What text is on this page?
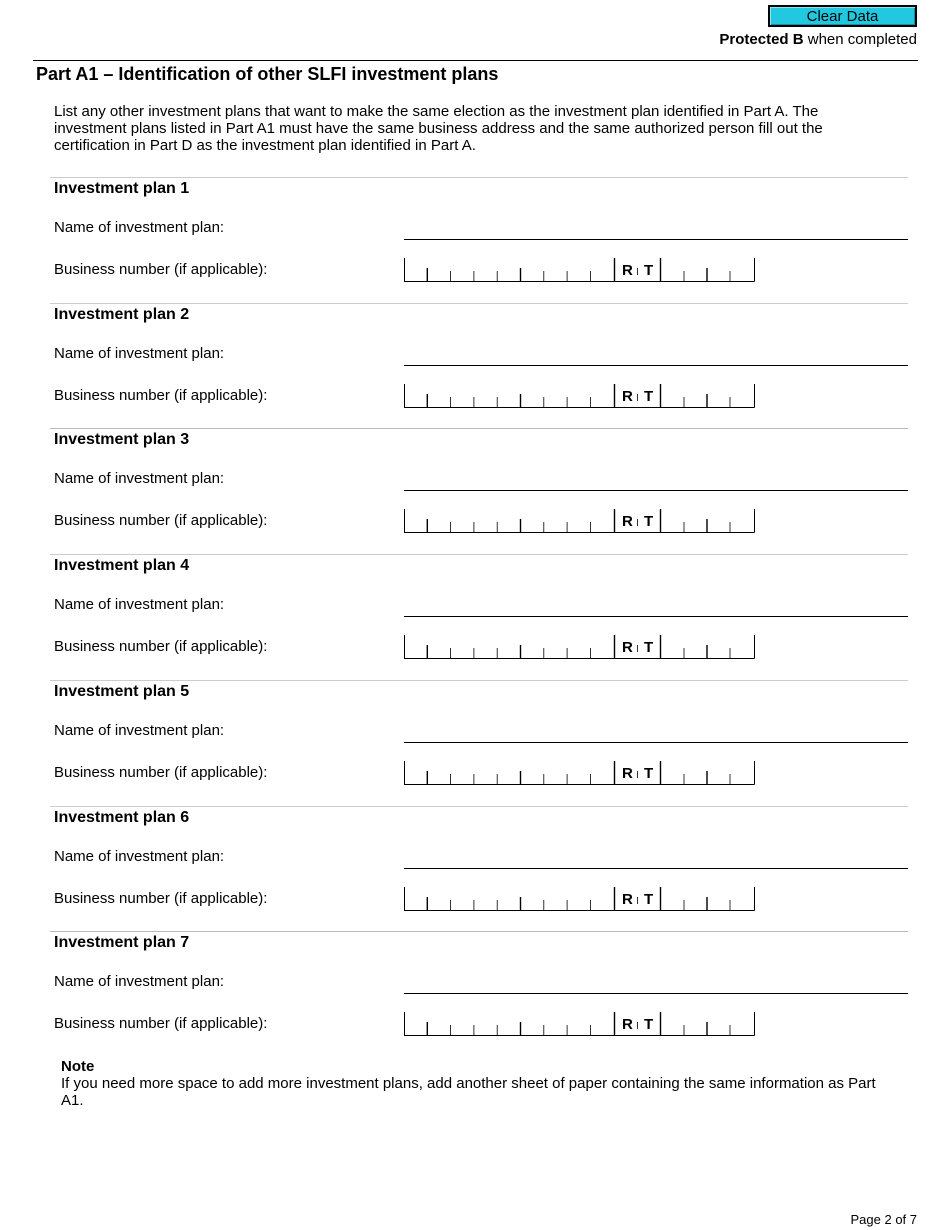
Clear Data
Protected B when completed
Part A1 – Identification of other SLFI investment plans
List any other investment plans that want to make the same election as the investment plan identified in Part A. The investment plans listed in Part A1 must have the same business address and the same authorized person fill out the certification in Part D as the investment plan identified in Part A.
Investment plan 1
Name of investment plan:
Business number (if applicable):	R T
Investment plan 2
Name of investment plan:
Business number (if applicable):	R T
Investment plan 3
Name of investment plan:
Business number (if applicable):	R T
Investment plan 4
Name of investment plan:
Business number (if applicable):	R T
Investment plan 5
Name of investment plan:
Business number (if applicable):	R T
Investment plan 6
Name of investment plan:
Business number (if applicable):	R T
Investment plan 7
Name of investment plan:
Business number (if applicable):	R T
Note
If you need more space to add more investment plans, add another sheet of paper containing the same information as Part A1.
Page 2 of 7
